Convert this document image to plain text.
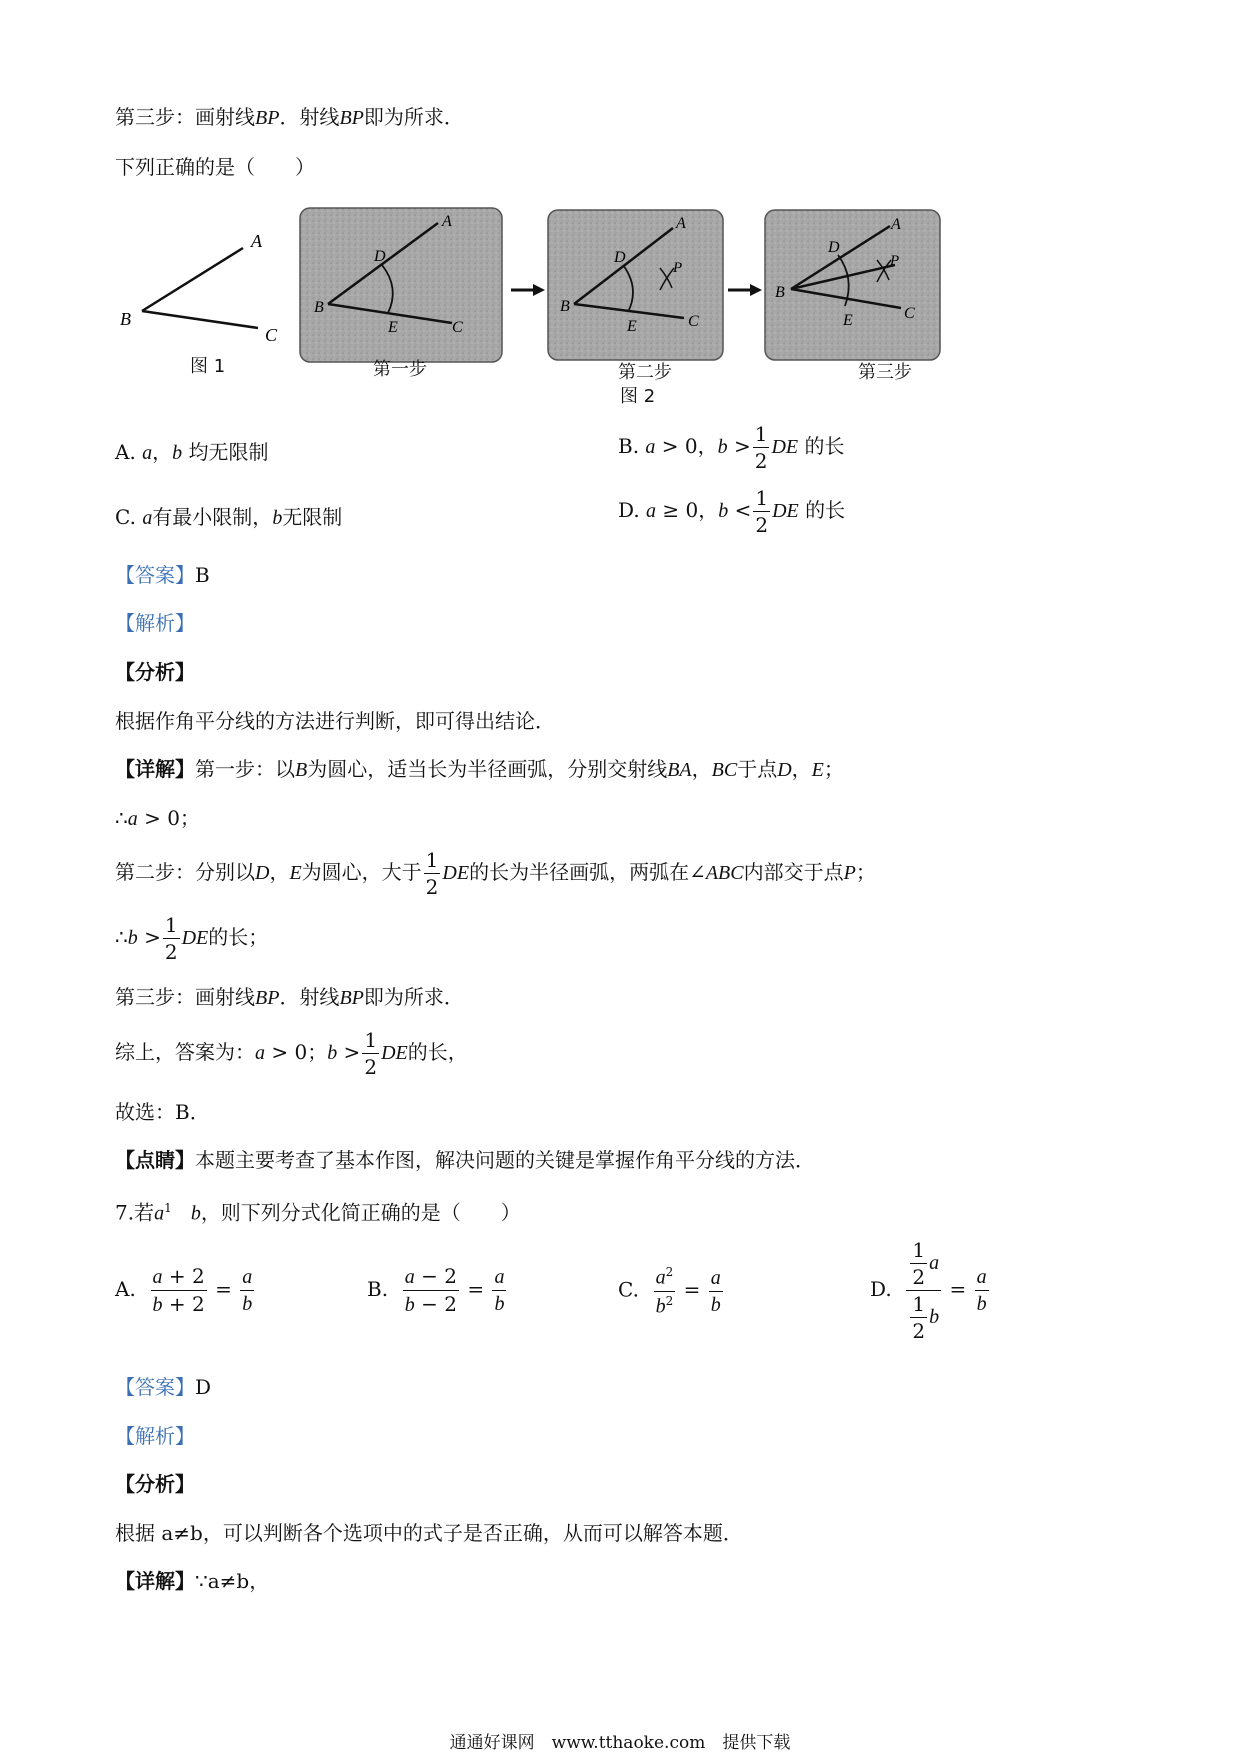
第三步：画射线BP．射线BP即为所求．
下列正确的是（　　）
A
B
C
A
B
C
D
E
A
B
C
D
E
P
A
B
C
D
E
P
图 1	第一步	第二步
图 2
第三步
A. a，b 均无限制	B. a > 0，$b > \frac{1}{2}$ DE 的长
C. a有最小限制，b无限制	D. a ≥ 0，$b < \frac{1}{2}$ DE 的长
【答案】B
【解析】
【分析】
根据作角平分线的方法进行判断，即可得出结论．
【详解】第一步：以B为圆心，适当长为半径画弧，分别交射线BA，BC于点D，E；
∴a > 0；
第二步：分别以D，E为圆心，大于 $\frac{1}{2}$ DE的长为半径画弧，两弧在∠ABC内部交于点P；
∴b > $\frac{1}{2}$ DE的长；
第三步：画射线BP．射线BP即为所求．
综上，答案为：a > 0；$b > \frac{1}{2}$ DE的长，
故选：B．
【点睛】本题主要考查了基本作图，解决问题的关键是掌握作角平分线的方法．
7.若$a^1$ b，则下列分式化简正确的是（　　）
A. $\frac{a + 2}{b + 2} = \frac{a}{b}$	B. $\frac{a - 2}{b - 2} = \frac{a}{b}$	C. $\frac{a^2}{b^2} = \frac{a}{b}$	D. $\frac{\frac{1}{2} a}{\frac{1}{2} b} = \frac{a}{b}$
【答案】D
【解析】
【分析】
根据 a≠b，可以判断各个选项中的式子是否正确，从而可以解答本题．
【详解】∵a≠b，
通通好课网　www.tthaoke.com　提供下载
